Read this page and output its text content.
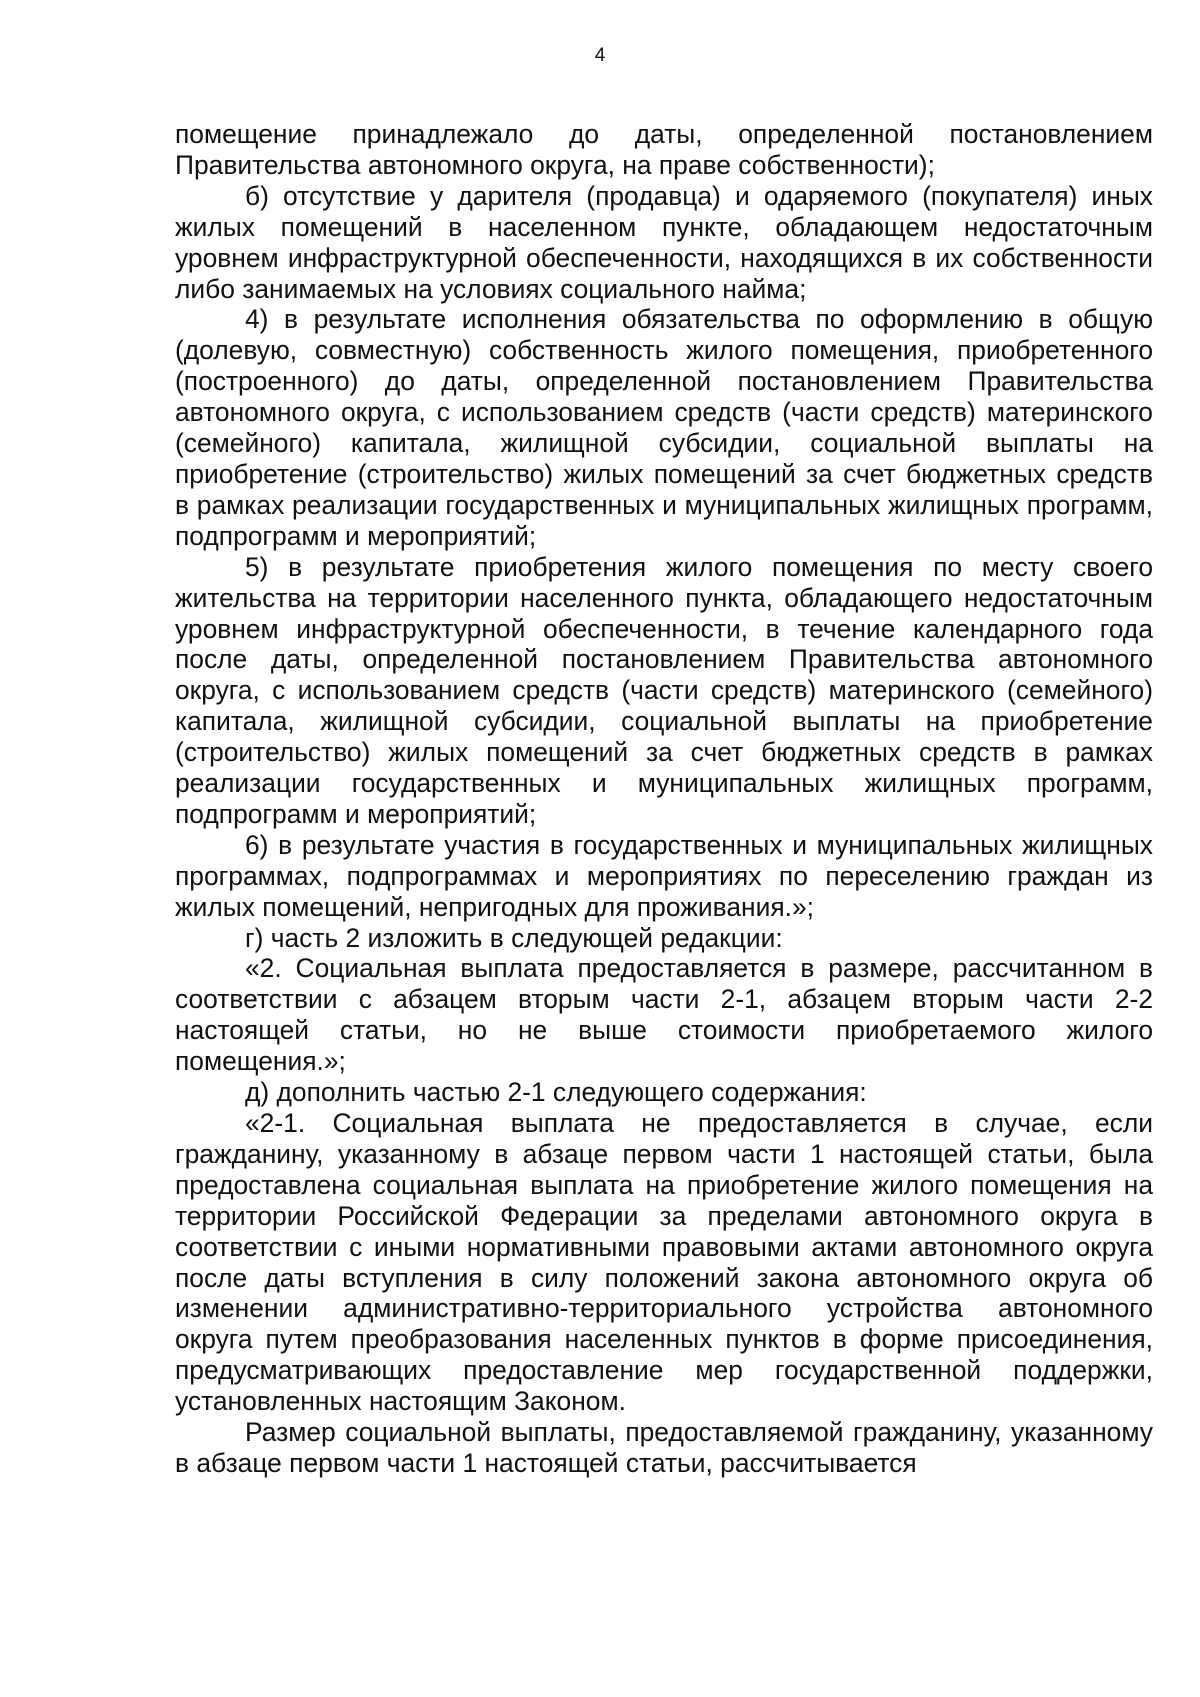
4

помещение принадлежало до даты, определенной постановлением Правительства автономного округа, на праве собственности);

б) отсутствие у дарителя (продавца) и одаряемого (покупателя) иных жилых помещений в населенном пункте, обладающем недостаточным уровнем инфраструктурной обеспеченности, находящихся в их собственности либо занимаемых на условиях социального найма;

4) в результате исполнения обязательства по оформлению в общую (долевую, совместную) собственность жилого помещения, приобретенного (построенного) до даты, определенной постановлением Правительства автономного округа, с использованием средств (части средств) материнского (семейного) капитала, жилищной субсидии, социальной выплаты на приобретение (строительство) жилых помещений за счет бюджетных средств в рамках реализации государственных и муниципальных жилищных программ, подпрограмм и мероприятий;

5) в результате приобретения жилого помещения по месту своего жительства на территории населенного пункта, обладающего недостаточным уровнем инфраструктурной обеспеченности, в течение календарного года после даты, определенной постановлением Правительства автономного округа, с использованием средств (части средств) материнского (семейного) капитала, жилищной субсидии, социальной выплаты на приобретение (строительство) жилых помещений за счет бюджетных средств в рамках реализации государственных и муниципальных жилищных программ, подпрограмм и мероприятий;

6) в результате участия в государственных и муниципальных жилищных программах, подпрограммах и мероприятиях по переселению граждан из жилых помещений, непригодных для проживания.»;

г) часть 2 изложить в следующей редакции:

«2. Социальная выплата предоставляется в размере, рассчитанном в соответствии с абзацем вторым части 2-1, абзацем вторым части 2-2 настоящей статьи, но не выше стоимости приобретаемого жилого помещения.»;

д) дополнить частью 2-1 следующего содержания:

«2-1. Социальная выплата не предоставляется в случае, если гражданину, указанному в абзаце первом части 1 настоящей статьи, была предоставлена социальная выплата на приобретение жилого помещения на территории Российской Федерации за пределами автономного округа в соответствии с иными нормативными правовыми актами автономного округа после даты вступления в силу положений закона автономного округа об изменении административно-территориального устройства автономного округа путем преобразования населенных пунктов в форме присоединения, предусматривающих предоставление мер государственной поддержки, установленных настоящим Законом.

Размер социальной выплаты, предоставляемой гражданину, указанному в абзаце первом части 1 настоящей статьи, рассчитывается
